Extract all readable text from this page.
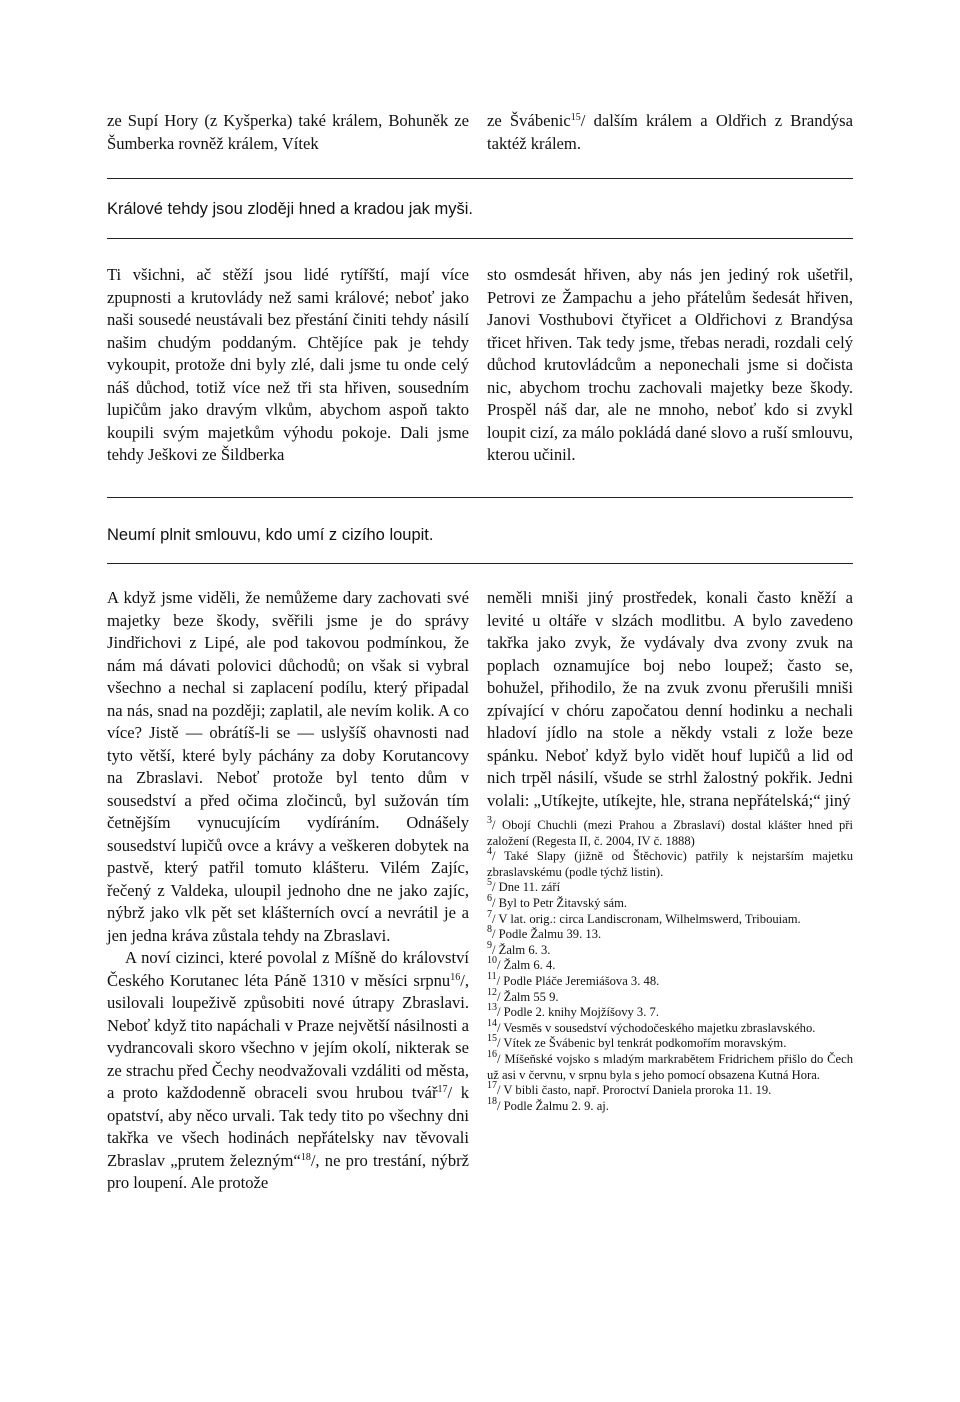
ze Supí Hory (z Kyšperka) také králem, Bohuněk ze Šumberka rovněž králem, Vítek

ze Švábenic$^{15}$/ dalším králem a Oldřich z Brandýsa taktéž králem.

Králové tehdy jsou zloději hned a kradou jak myši.

Ti všichni, ač stěží jsou lidé rytířští, mají více zpupnosti a krutovlády než sami králové; neboť jako naši sousedé neustávali bez přestání činiti tehdy násilí našim chudým poddaným. Chtějíce pak je tehdy vykoupit, protože dni byly zlé, dali jsme tu onde celý náš důchod, totiž více než tři sta hřiven, sousedním lupičům jako dravým vlkům, abychom aspoň takto koupili svým majetkům výhodu pokoje. Dali jsme tehdy Ješkovi ze Šildberka

sto osmdesát hřiven, aby nás jen jediný rok ušetřil, Petrovi ze Žampachu a jeho přátelům šedesát hřiven, Janovi Vosthubovi čtyřicet a Oldřichovi z Brandýsa třicet hřiven. Tak tedy jsme, třebas neradi, rozdali celý důchod krutovládcům a neponechali jsme si dočista nic, abychom trochu zachovali majetky beze škody. Prospěl náš dar, ale ne mnoho, neboť kdo si zvykl loupit cizí, za málo pokládá dané slovo a ruší smlouvu, kterou učinil.

Neumí plnit smlouvu, kdo umí z cizího loupit.

A když jsme viděli, že nemůžeme dary zachovati své majetky beze škody, svěřili jsme je do správy Jindřichovi z Lipé, ale pod takovou podmínkou, že nám má dávati polovici důchodů; on však si vybral všechno a nechal si zaplacení podílu, který připadal na nás, snad na později; zaplatil, ale nevím kolik. A co více? Jistě — obrátíš-li se — uslyšíš ohavnosti nad tyto větší, které byly páchány za doby Korutancovy na Zbraslavi. Neboť protože byl tento dům v sousedství a před očima zločinců, byl sužován tím četnějším vynucujícím vydíráním. Odnášely sousedství lupičů ovce a krávy a veškeren dobytek na pastvě, který patřil tomuto klášteru. Vilém Zajíc, řečený z Valdeka, uloupil jednoho dne ne jako zajíc, nýbrž jako vlk pět set klášterních ovcí a nevrátil je a jen jedna kráva zůstala tehdy na Zbraslavi.

A noví cizinci, které povolal z Míšně do království Českého Korutanec léta Páně 1310 v měsíci srpnu$^{16}$/, usilovali loupeživě způsobiti nové útrapy Zbraslavi. Neboť když tito napáchali v Praze největší násilnosti a vydrancovali skoro všechno v jejím okolí, nikterak se ze strachu před Čechy neodvažovali vzdáliti od města, a proto každodenně obraceli svou hrubou tvář$^{17}$/ k opatství, aby něco urvali. Tak tedy tito po všechny dni takřka ve všech hodinách nepřátelsky nav těvovali Zbraslav „prutem železným“$^{18}$/, ne pro trestání, nýbrž pro loupení. Ale protože

neměli mniši jiný prostředek, konali často kněží a levité u oltáře v slzách modlitbu. A bylo zavedeno takřka jako zvyk, že vydávaly dva zvony zvuk na poplach oznamujíce boj nebo loupež; často se, bohužel, přihodilo, že na zvuk zvonu přerušili mniši zpívající v chóru započatou denní hodinku a nechali hladoví jídlo na stole a někdy vstali z lože beze spánku. Neboť když bylo vidět houf lupičů a lid od nich trpěl násilí, všude se strhl žalostný pokřik. Jedni volali: „Utíkejte, utíkejte, hle, strana nepřátelská;“ jiný

$^3$/ Obojí Chuchli (mezi Prahou a Zbraslaví) dostal klášter hned při založení (Regesta II, č. 2004, IV č. 1888)

$^4$/ Také Slapy (jižně od Štěchovic) patřily k nejstarším majetku zbraslavskému (podle týchž listin).

$^5$/ Dne 11. září

$^6$/ Byl to Petr Žitavský sám.

$^7$/ V lat. orig.: circa Landiscronam, Wilhelmswerd, Tribouiam.

$^8$/ Podle Žalmu 39. 13.

$^9$/ Žalm 6. 3.

$^{10}$/ Žalm 6. 4.

$^{11}$/ Podle Pláče Jeremiášova 3. 48.

$^{12}$/ Žalm 55 9.

$^{13}$/ Podle 2. knihy Mojžíšovy 3. 7.

$^{14}$/ Vesměs v sousedství východočeského majetku zbraslavského.

$^{15}$/ Vítek ze Švábenic byl tenkrát podkomořím moravským.

$^{16}$/ Míšeňské vojsko s mladým markrabětem Fridrichem přišlo do Čech už asi v červnu, v srpnu byla s jeho pomocí obsazena Kutná Hora.

$^{17}$/ V bibli často, např. Proroctví Daniela proroka 11. 19.

$^{18}$/ Podle Žalmu 2. 9. aj.
